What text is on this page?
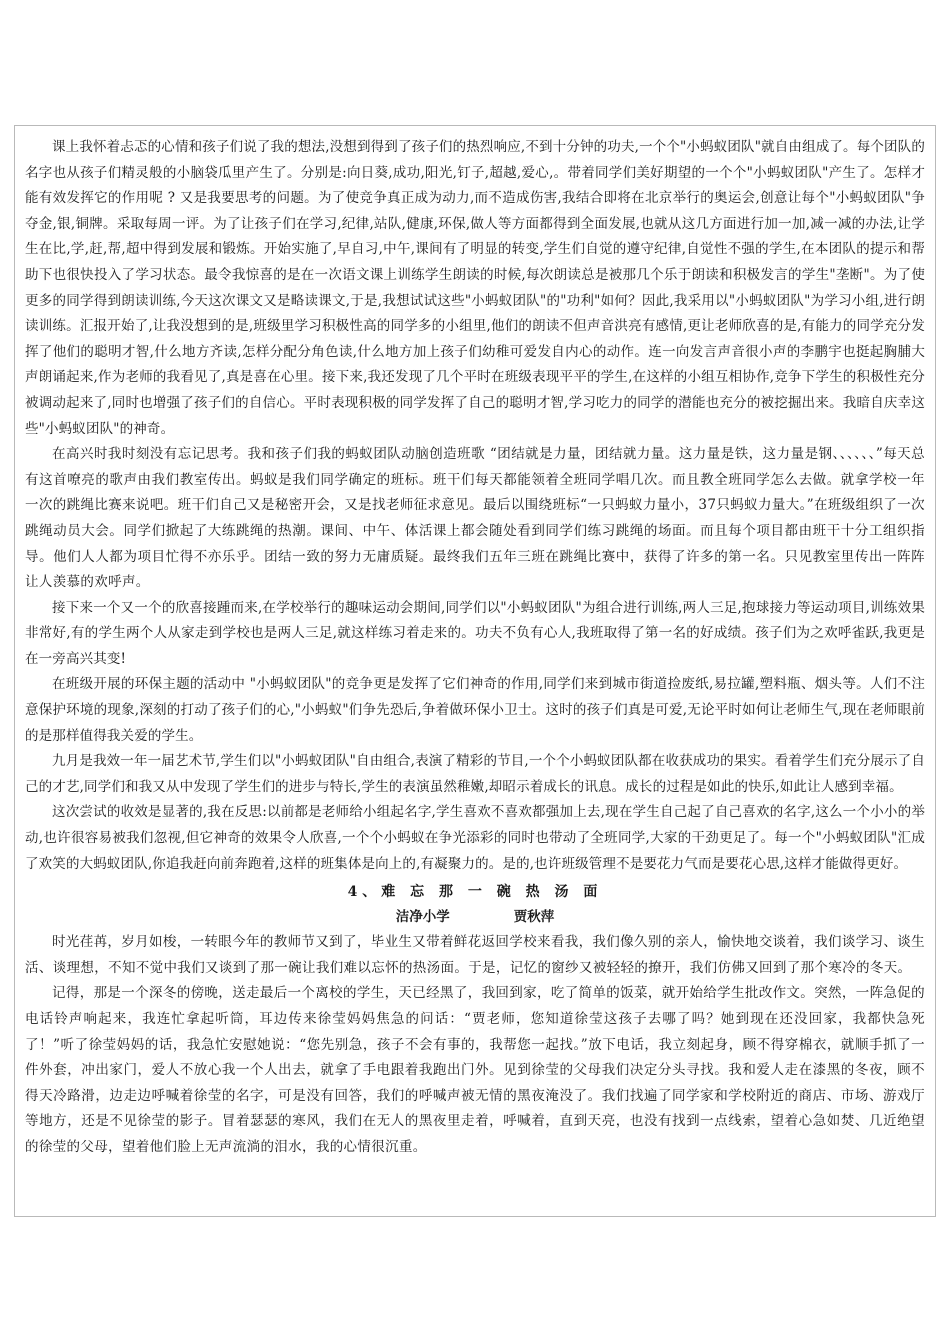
课上我怀着忐忑的心情和孩子们说了我的想法,没想到得到了孩子们的热烈响应,不到十分钟的功夫,一个个"小蚂蚁团队"就自由组成了。每个团队的名字也从孩子们精灵般的小脑袋瓜里产生了。分别是:向日葵,成功,阳光,钉子,超越,爱心,。带着同学们美好期望的一个个"小蚂蚁团队"产生了。怎样才能有效发挥它的作用呢 ? 又是我要思考的问题。为了使竞争真正成为动力,而不造成伤害,我结合即将在北京举行的奥运会,创意让每个"小蚂蚁团队"争夺金,银,铜牌。采取每周一评。为了让孩子们在学习,纪律,站队,健康,环保,做人等方面都得到全面发展,也就从这几方面进行加一加,减一减的办法,让学生在比,学,赶,帮,超中得到发展和锻炼。开始实施了,早自习,中午,课间有了明显的转变,学生们自觉的遵守纪律,自觉性不强的学生,在本团队的提示和帮助下也很快投入了学习状态。最令我惊喜的是在一次语文课上训练学生朗读的时候,每次朗读总是被那几个乐于朗读和积极发言的学生"垄断"。为了使更多的同学得到朗读训练,今天这次课文又是略读课文,于是,我想试试这些"小蚂蚁团队"的"功利"如何？因此,我采用以"小蚂蚁团队"为学习小组,进行朗读训练。汇报开始了,让我没想到的是,班级里学习积极性高的同学多的小组里,他们的朗读不但声音洪亮有感情,更让老师欣喜的是,有能力的同学充分发挥了他们的聪明才智,什么地方齐读,怎样分配分角色读,什么地方加上孩子们幼稚可爱发自内心的动作。连一向发言声音很小声的李鹏宇也挺起胸脯大声朗诵起来,作为老师的我看见了,真是喜在心里。接下来,我还发现了几个平时在班级表现平平的学生,在这样的小组互相协作,竞争下学生的积极性充分被调动起来了,同时也增强了孩子们的自信心。平时表现积极的同学发挥了自己的聪明才智,学习吃力的同学的潜能也充分的被挖掘出来。我暗自庆幸这些"小蚂蚁团队"的神奇。

在高兴时我时刻没有忘记思考。我和孩子们我的蚂蚁团队动脑创造班歌 “团结就是力量，团结就力量。这力量是铁，这力量是钢、、、、、、”每天总有这首嘹亮的歌声由我们教室传出。蚂蚁是我们同学确定的班标。班干们每天都能领着全班同学唱几次。而且教全班同学怎么去做。就拿学校一年一次的跳绳比赛来说吧。班干们自己又是秘密开会，又是找老师征求意见。最后以围绕班标“一只蚂蚁力量小，37只蚂蚁力量大。”在班级组织了一次跳绳动员大会。同学们掀起了大练跳绳的热潮。课间、中午、体活课上都会随处看到同学们练习跳绳的场面。而且每个项目都由班干十分工组织指导。他们人人都为项目忙得不亦乐乎。团结一致的努力无庸质疑。最终我们五年三班在跳绳比赛中，获得了许多的第一名。只见教室里传出一阵阵让人羡慕的欢呼声。

接下来一个又一个的欣喜接踵而来,在学校举行的趣味运动会期间,同学们以"小蚂蚁团队"为组合进行训练,两人三足,抱球接力等运动项目,训练效果非常好,有的学生两个人从家走到学校也是两人三足,就这样练习着走来的。功夫不负有心人,我班取得了第一名的好成绩。孩子们为之欢呼雀跃,我更是在一旁高兴其变!

在班级开展的环保主题的活动中 "小蚂蚁团队"的竞争更是发挥了它们神奇的作用,同学们来到城市街道捡废纸,易拉罐,塑料瓶、烟头等。人们不注意保护环境的现象,深刻的打动了孩子们的心,"小蚂蚁"们争先恐后,争着做环保小卫士。这时的孩子们真是可爱,无论平时如何让老师生气,现在老师眼前的是那样值得我关爱的学生。

九月是我效一年一届艺术节,学生们以"小蚂蚁团队"自由组合,表演了精彩的节目,一个个小蚂蚁团队都在收获成功的果实。看着学生们充分展示了自己的才艺,同学们和我又从中发现了学生们的进步与特长,学生的表演虽然稚嫩,却昭示着成长的讯息。成长的过程是如此的快乐,如此让人感到幸福。

这次尝试的收效是显著的,我在反思:以前都是老师给小组起名字,学生喜欢不喜欢都强加上去,现在学生自己起了自己喜欢的名字,这么一个小小的举动,也许很容易被我们忽视,但它神奇的效果令人欣喜,一个个小蚂蚁在争光添彩的同时也带动了全班同学,大家的干劲更足了。每一个"小蚂蚁团队"汇成了欢笑的大蚂蚁团队,你追我赶向前奔跑着,这样的班集体是向上的,有凝聚力的。是的,也许班级管理不是要花力气而是要花心思,这样才能做得更好。

4、难 忘 那 一 碗 热 汤 面
洁净小学	贾秋萍

时光荏苒，岁月如梭，一转眼今年的教师节又到了，毕业生又带着鲜花返回学校来看我，我们像久别的亲人，愉快地交谈着，我们谈学习、谈生活、谈理想，不知不觉中我们又谈到了那一碗让我们难以忘怀的热汤面。于是，记忆的窗纱又被轻轻的撩开，我们仿佛又回到了那个寒冷的冬天。

记得，那是一个深冬的傍晚，送走最后一个离校的学生，天已经黑了，我回到家，吃了简单的饭菜，就开始给学生批改作文。突然，一阵急促的电话铃声响起来，我连忙拿起听筒，耳边传来徐莹妈妈焦急的问话：“贾老师，您知道徐莹这孩子去哪了吗？她到现在还没回家，我都快急死了！”听了徐莹妈妈的话，我急忙安慰她说：“您先别急，孩子不会有事的，我帮您一起找。”放下电话，我立刻起身，顾不得穿棉衣，就顺手抓了一件外套，冲出家门，爱人不放心我一个人出去，就拿了手电跟着我跑出门外。见到徐莹的父母我们决定分头寻找。我和爱人走在漆黑的冬夜，顾不得天冷路滑，边走边呼喊着徐莹的名字，可是没有回答，我们的呼喊声被无情的黑夜淹没了。我们找遍了同学家和学校附近的商店、市场、游戏厅等地方，还是不见徐莹的影子。冒着瑟瑟的寒风，我们在无人的黑夜里走着，呼喊着，直到天亮，也没有找到一点线索，望着心急如焚、几近绝望的徐莹的父母，望着他们脸上无声流淌的泪水，我的心情很沉重。
